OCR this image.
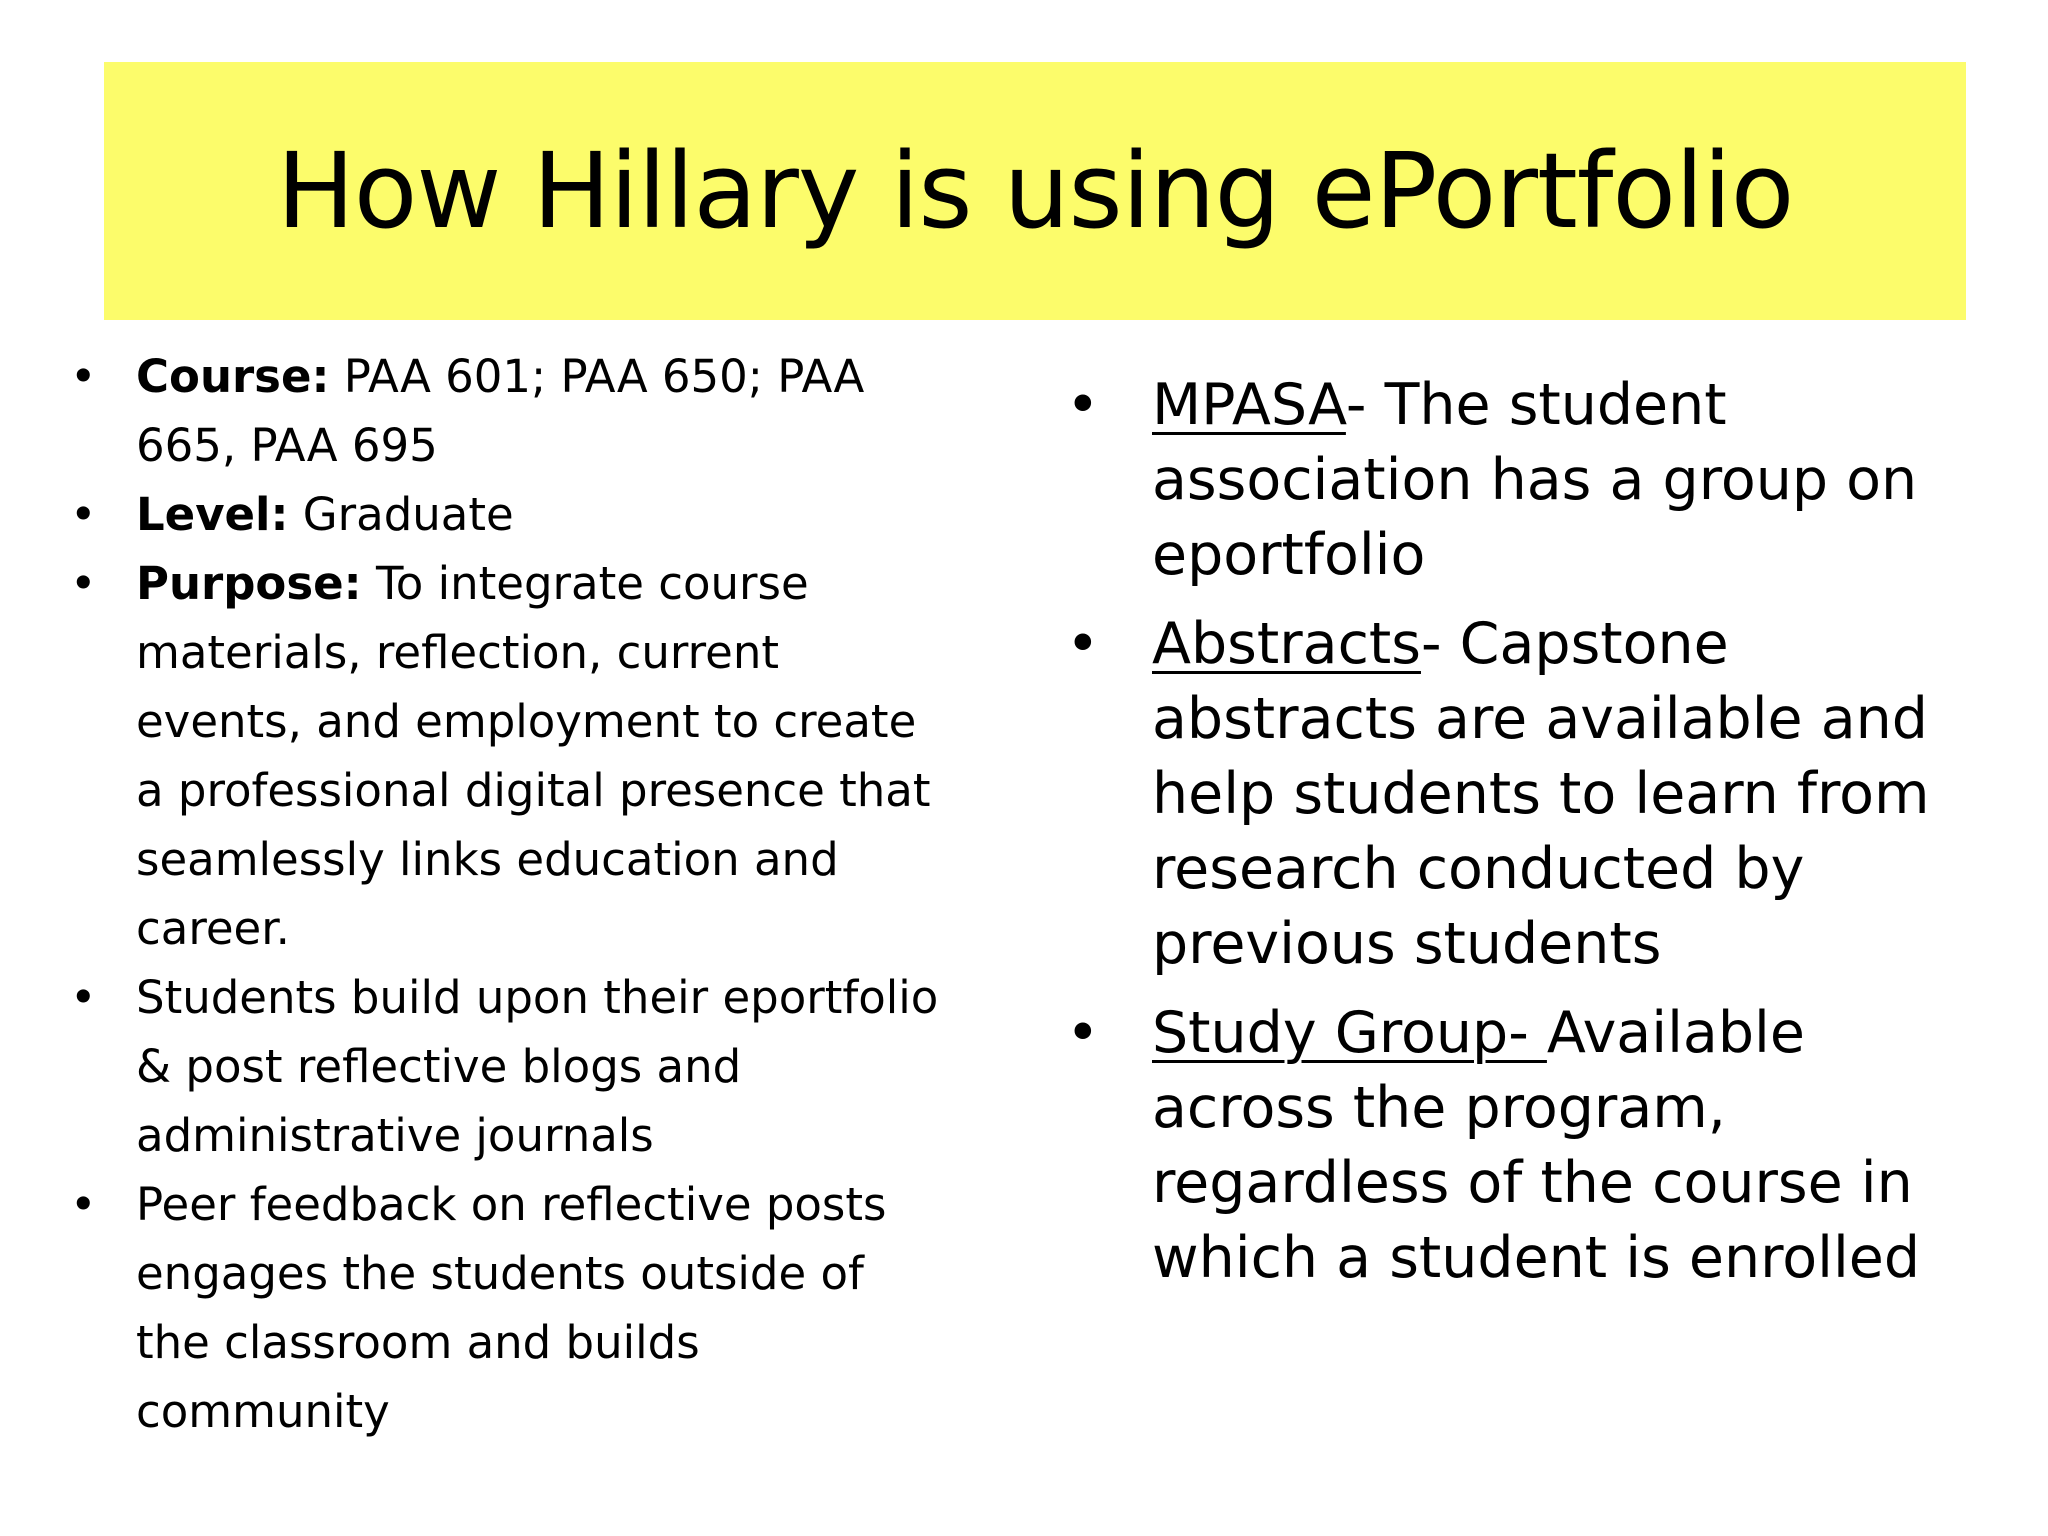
How Hillary is using ePortfolio
• Course: PAA 601; PAA 650; PAA 665, PAA 695
• Level: Graduate
• Purpose: To integrate course materials, reflection, current events, and employment to create a professional digital presence that seamlessly links education and career.
• Students build upon their eportfolio & post reflective blogs and administrative journals
• Peer feedback on reflective posts engages the students outside of the classroom and builds community
• MPASA- The student association has a group on eportfolio
• Abstracts- Capstone abstracts are available and help students to learn from research conducted by previous students
• Study Group- Available across the program, regardless of the course in which a student is enrolled
